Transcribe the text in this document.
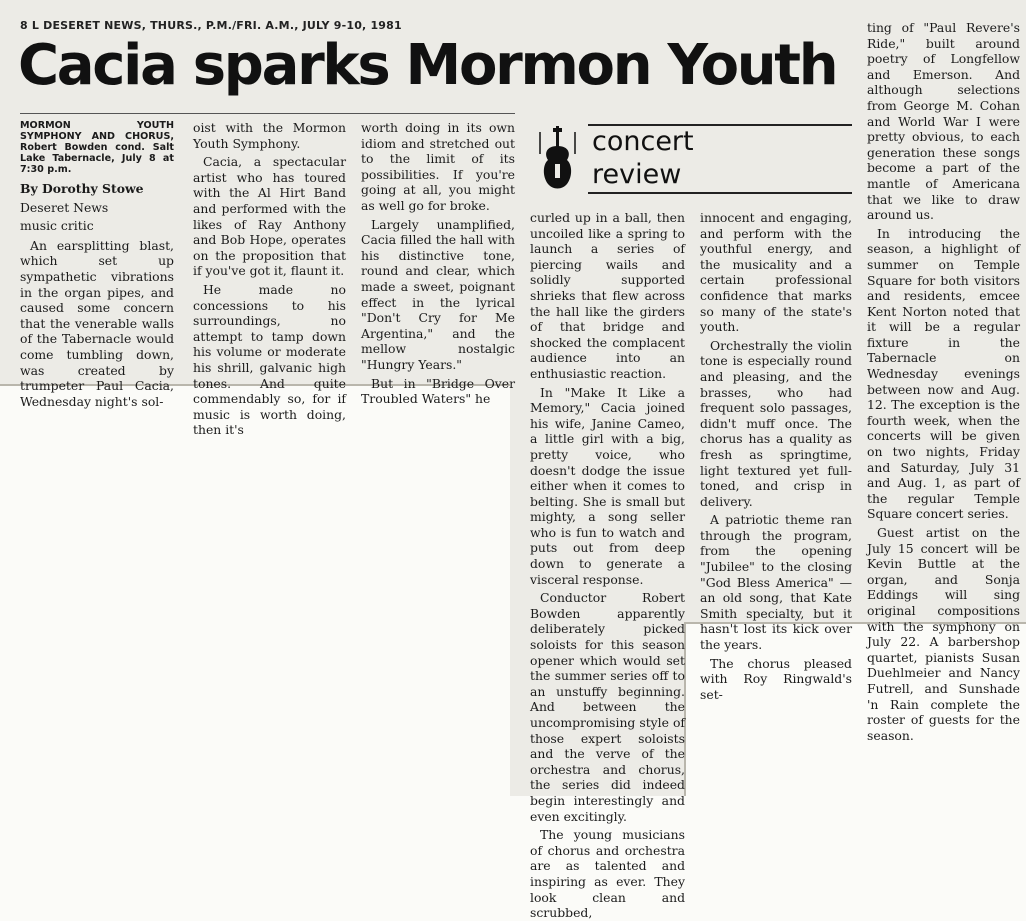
8 L DESERET NEWS, THURS., P.M./FRI. A.M., JULY 9-10, 1981
Cacia sparks Mormon Youth

MORMON YOUTH SYMPHONY AND CHORUS, Robert Bowden cond. Salt Lake Tabernacle, July 8 at 7:30 p.m.

By Dorothy Stowe

Deseret News

music critic

An earsplitting blast, which set up sympathetic vibrations in the organ pipes, and caused some concern that the venerable walls of the Tabernacle would come tumbling down, was created by trumpeter Paul Cacia, Wednesday night's sol-

oist with the Mormon Youth Symphony.

Cacia, a spectacular artist who has toured with the Al Hirt Band and performed with the likes of Ray Anthony and Bob Hope, operates on the proposition that if you've got it, flaunt it.

He made no concessions to his surroundings, no attempt to tamp down his volume or moderate his shrill, galvanic high tones. And quite commendably so, for if music is worth doing, then it's

worth doing in its own idiom and stretched out to the limit of its possibilities. If you're going at all, you might as well go for broke.

Largely unamplified, Cacia filled the hall with his distinctive tone, round and clear, which made a sweet, poignant effect in the lyrical "Don't Cry for Me Argentina," and the mellow nostalgic "Hungry Years."

But in "Bridge Over Troubled Waters" he

concert
review

curled up in a ball, then uncoiled like a spring to launch a series of piercing wails and solidly supported shrieks that flew across the hall like the girders of that bridge and shocked the complacent audience into an enthusiastic reaction.

In "Make It Like a Memory," Cacia joined his wife, Janine Cameo, a little girl with a big, pretty voice, who doesn't dodge the issue either when it comes to belting. She is small but mighty, a song seller who is fun to watch and puts out from deep down to generate a visceral response.

Conductor Robert Bowden apparently deliberately picked soloists for this season opener which would set the summer series off to an unstuffy beginning. And between the uncompromising style of those expert soloists and the verve of the orchestra and chorus, the series did indeed begin interestingly and even excitingly.

The young musicians of chorus and orchestra are as talented and inspiring as ever. They look clean and scrubbed,

innocent and engaging, and perform with the youthful energy, and the musicality and a certain professional confidence that marks so many of the state's youth.

Orchestrally the violin tone is especially round and pleasing, and the brasses, who had frequent solo passages, didn't muff once. The chorus has a quality as fresh as springtime, light textured yet full-toned, and crisp in delivery.

A patriotic theme ran through the program, from the opening "Jubilee" to the closing "God Bless America" — an old song, that Kate Smith specialty, but it hasn't lost its kick over the years.

The chorus pleased with Roy Ringwald's set-

ting of "Paul Revere's Ride," built around poetry of Longfellow and Emerson. And although selections from George M. Cohan and World War I were pretty obvious, to each generation these songs become a part of the mantle of Americana that we like to draw around us.

In introducing the season, a highlight of summer on Temple Square for both visitors and residents, emcee Kent Norton noted that it will be a regular fixture in the Tabernacle on Wednesday evenings between now and Aug. 12. The exception is the fourth week, when the concerts will be given on two nights, Friday and Saturday, July 31 and Aug. 1, as part of the regular Temple Square concert series.

Guest artist on the July 15 concert will be Kevin Buttle at the organ, and Sonja Eddings will sing original compositions with the symphony on July 22. A barbershop quartet, pianists Susan Duehlmeier and Nancy Futrell, and Sunshade 'n Rain complete the roster of guests for the season.
